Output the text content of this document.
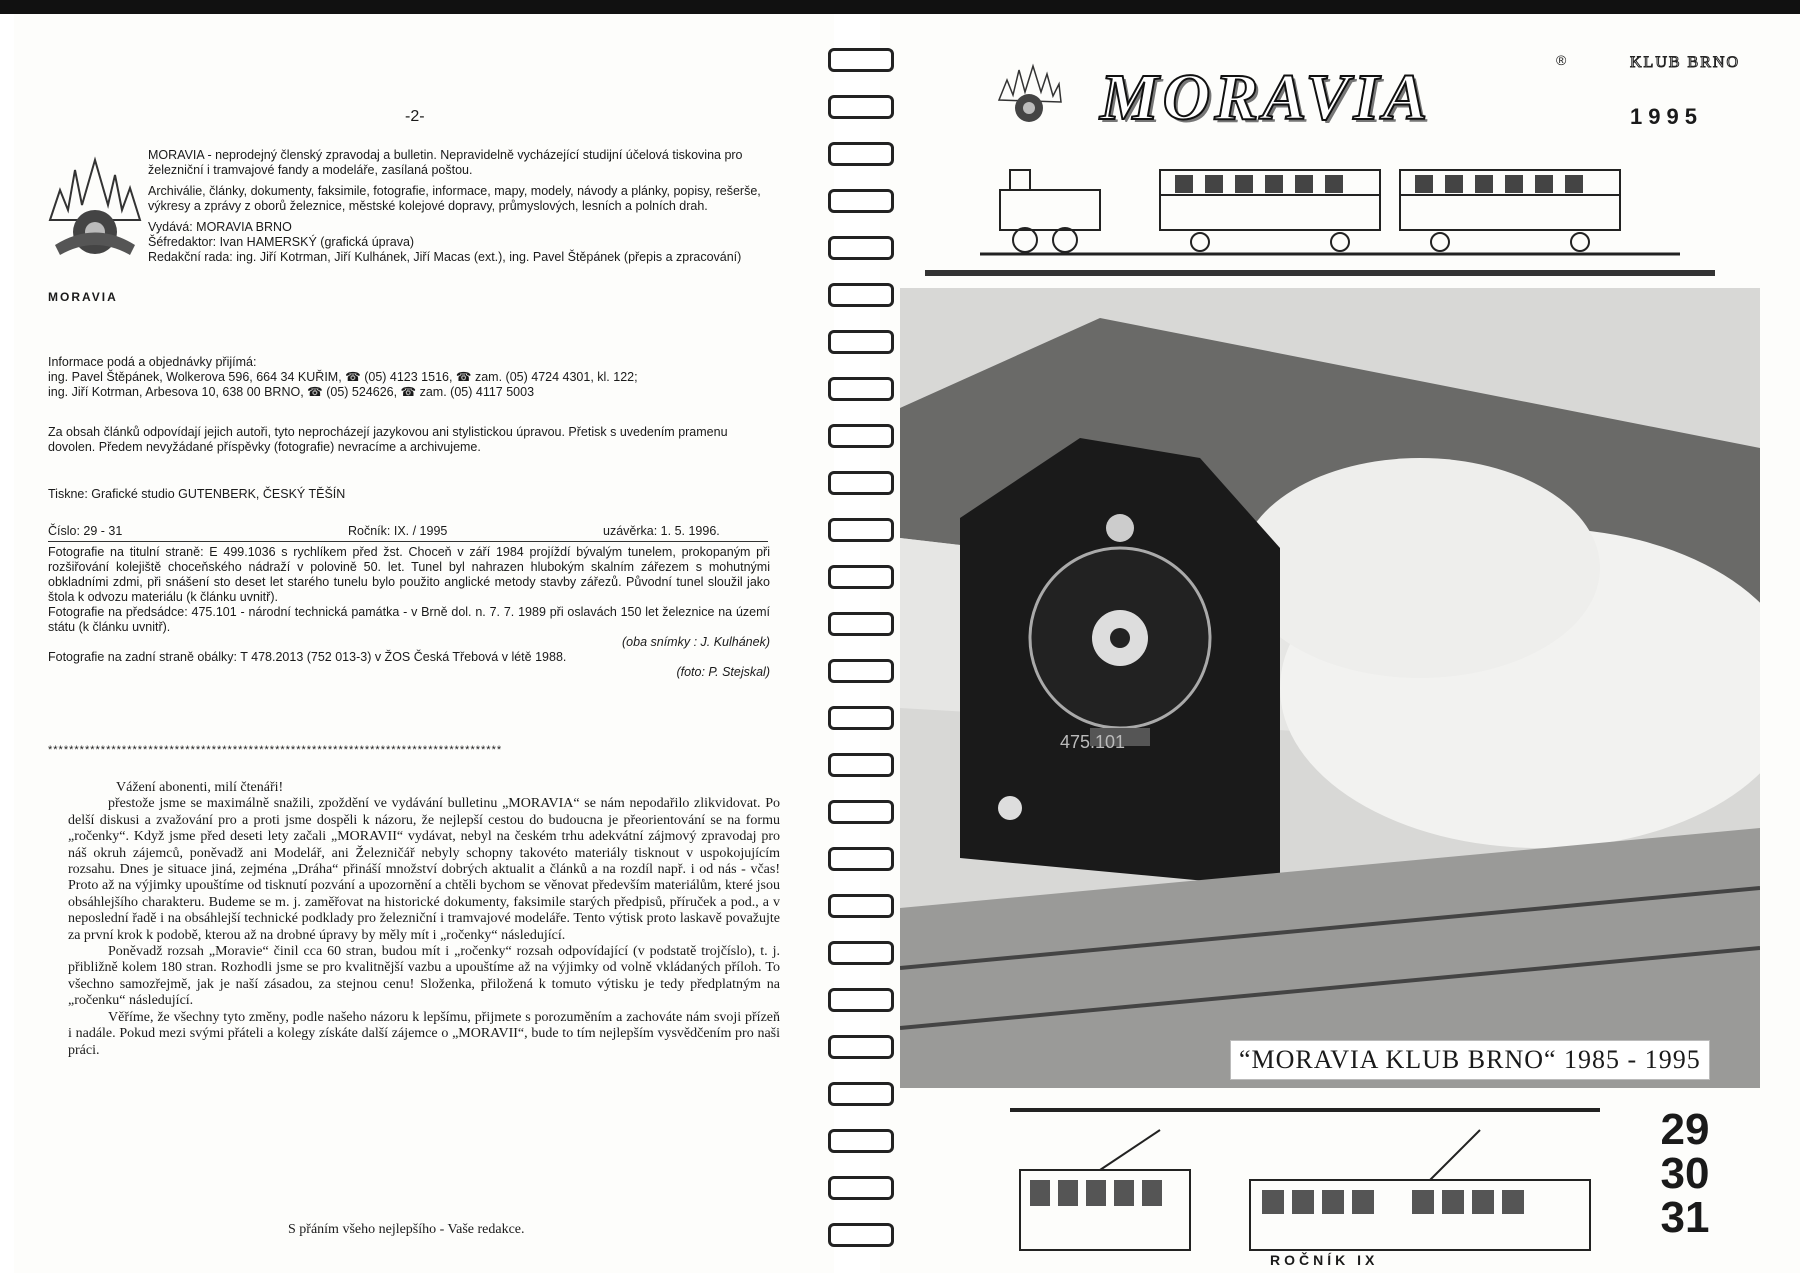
-2-
MORAVIA

MORAVIA - neprodejný členský zpravodaj a bulletin. Nepravidelně vycházející studijní účelová tiskovina pro železniční i tramvajové fandy a modeláře, zasílaná poštou.

Archiválie, články, dokumenty, faksimile, fotografie, informace, mapy, modely, návody a plánky, popisy, rešerše, výkresy a zprávy z oborů železnice, městské kolejové dopravy, průmyslových, lesních a polních drah.

Vydává: MORAVIA BRNO

Šéfredaktor: Ivan HAMERSKÝ (grafická úprava)

Redakční rada: ing. Jiří Kotrman, Jiří Kulhánek, Jiří Macas (ext.), ing. Pavel Štěpánek (přepis a zpracování)

Informace podá a objednávky přijímá:

ing. Pavel Štěpánek, Wolkerova 596, 664 34 KUŘIM, ☎ (05) 4123 1516, ☎ zam. (05) 4724 4301, kl. 122;

ing. Jiří Kotrman, Arbesova 10, 638 00 BRNO, ☎ (05) 524626, ☎ zam. (05) 4117 5003

Za obsah článků odpovídají jejich autoři, tyto neprocházejí jazykovou ani stylistickou úpravou. Přetisk s uvedením pramenu dovolen. Předem nevyžádané příspěvky (fotografie) nevracíme a archivujeme.
Tiskne: Grafické studio GUTENBERK, ČESKÝ TĚŠÍN
Číslo: 29 - 31	Ročník: IX. / 1995	uzávěrka: 1. 5. 1996.

Fotografie na titulní straně: E 499.1036 s rychlíkem před žst. Choceň v září 1984 projíždí bývalým tunelem, prokopaným při rozšiřování kolejiště choceňského nádraží v polovině 50. let. Tunel byl nahrazen hlubokým skalním zářezem s mohutnými obkladními zdmi, při snášení sto deset let starého tunelu bylo použito anglické metody stavby zářezů. Původní tunel sloužil jako štola k odvozu materiálu (k článku uvnitř).

Fotografie na předsádce: 475.101 - národní technická památka - v Brně dol. n. 7. 7. 1989 při oslavách 150 let železnice na území státu (k článku uvnitř).

(oba snímky : J. Kulhánek)

Fotografie na zadní straně obálky: T 478.2013 (752 013-3) v ŽOS Česká Třebová v létě 1988.

(foto: P. Stejskal)

**************************************************************************************

Vážení abonenti, milí čtenáři!

přestože jsme se maximálně snažili, zpoždění ve vydávání bulletinu „MORAVIA“ se nám nepodařilo zlikvidovat. Po delší diskusi a zvažování pro a proti jsme dospěli k názoru, že nejlepší cestou do budoucna je přeorientování se na formu „ročenky“. Když jsme před deseti lety začali „MORAVII“ vydávat, nebyl na českém trhu adekvátní zájmový zpravodaj pro náš okruh zájemců, poněvadž ani Modelář, ani Železničář nebyly schopny takovéto materiály tisknout v uspokojujícím rozsahu. Dnes je situace jiná, zejména „Dráha“ přináší množství dobrých aktualit a článků a na rozdíl např. i od nás - včas! Proto až na výjimky upouštíme od tisknutí pozvání a upozornění a chtěli bychom se věnovat především materiálům, které jsou obsáhlejšího charakteru. Budeme se m. j. zaměřovat na historické dokumenty, faksimile starých předpisů, příruček a pod., a v neposlední řadě i na obsáhlejší technické podklady pro železniční i tramvajové modeláře. Tento výtisk proto laskavě považujte za první krok k podobě, kterou až na drobné úpravy by měly mít i „ročenky“ následující.

Poněvadž rozsah „Moravie“ činil cca 60 stran, budou mít i „ročenky“ rozsah odpovídající (v podstatě trojčíslo), t. j. přibližně kolem 180 stran. Rozhodli jsme se pro kvalitnější vazbu a upouštíme až na výjimky od volně vkládaných příloh. To všechno samozřejmě, jak je naší zásadou, za stejnou cenu! Složenka, přiložená k tomuto výtisku je tedy předplatným na „ročenku“ následující.

Věříme, že všechny tyto změny, podle našeho názoru k lepšímu, přijmete s porozuměním a zachováte nám svoji přízeň i nadále. Pokud mezi svými přáteli a kolegy získáte další zájemce o „MORAVII“, bude to tím nejlepším vysvědčením pro naši práci.

S přáním všeho nejlepšího - Vaše redakce.
MORAVIA
®	KLUB BRNO
1995
475.101
“MORAVIA KLUB BRNO“ 1985 - 1995
29
30
31
ROČNÍK IX
